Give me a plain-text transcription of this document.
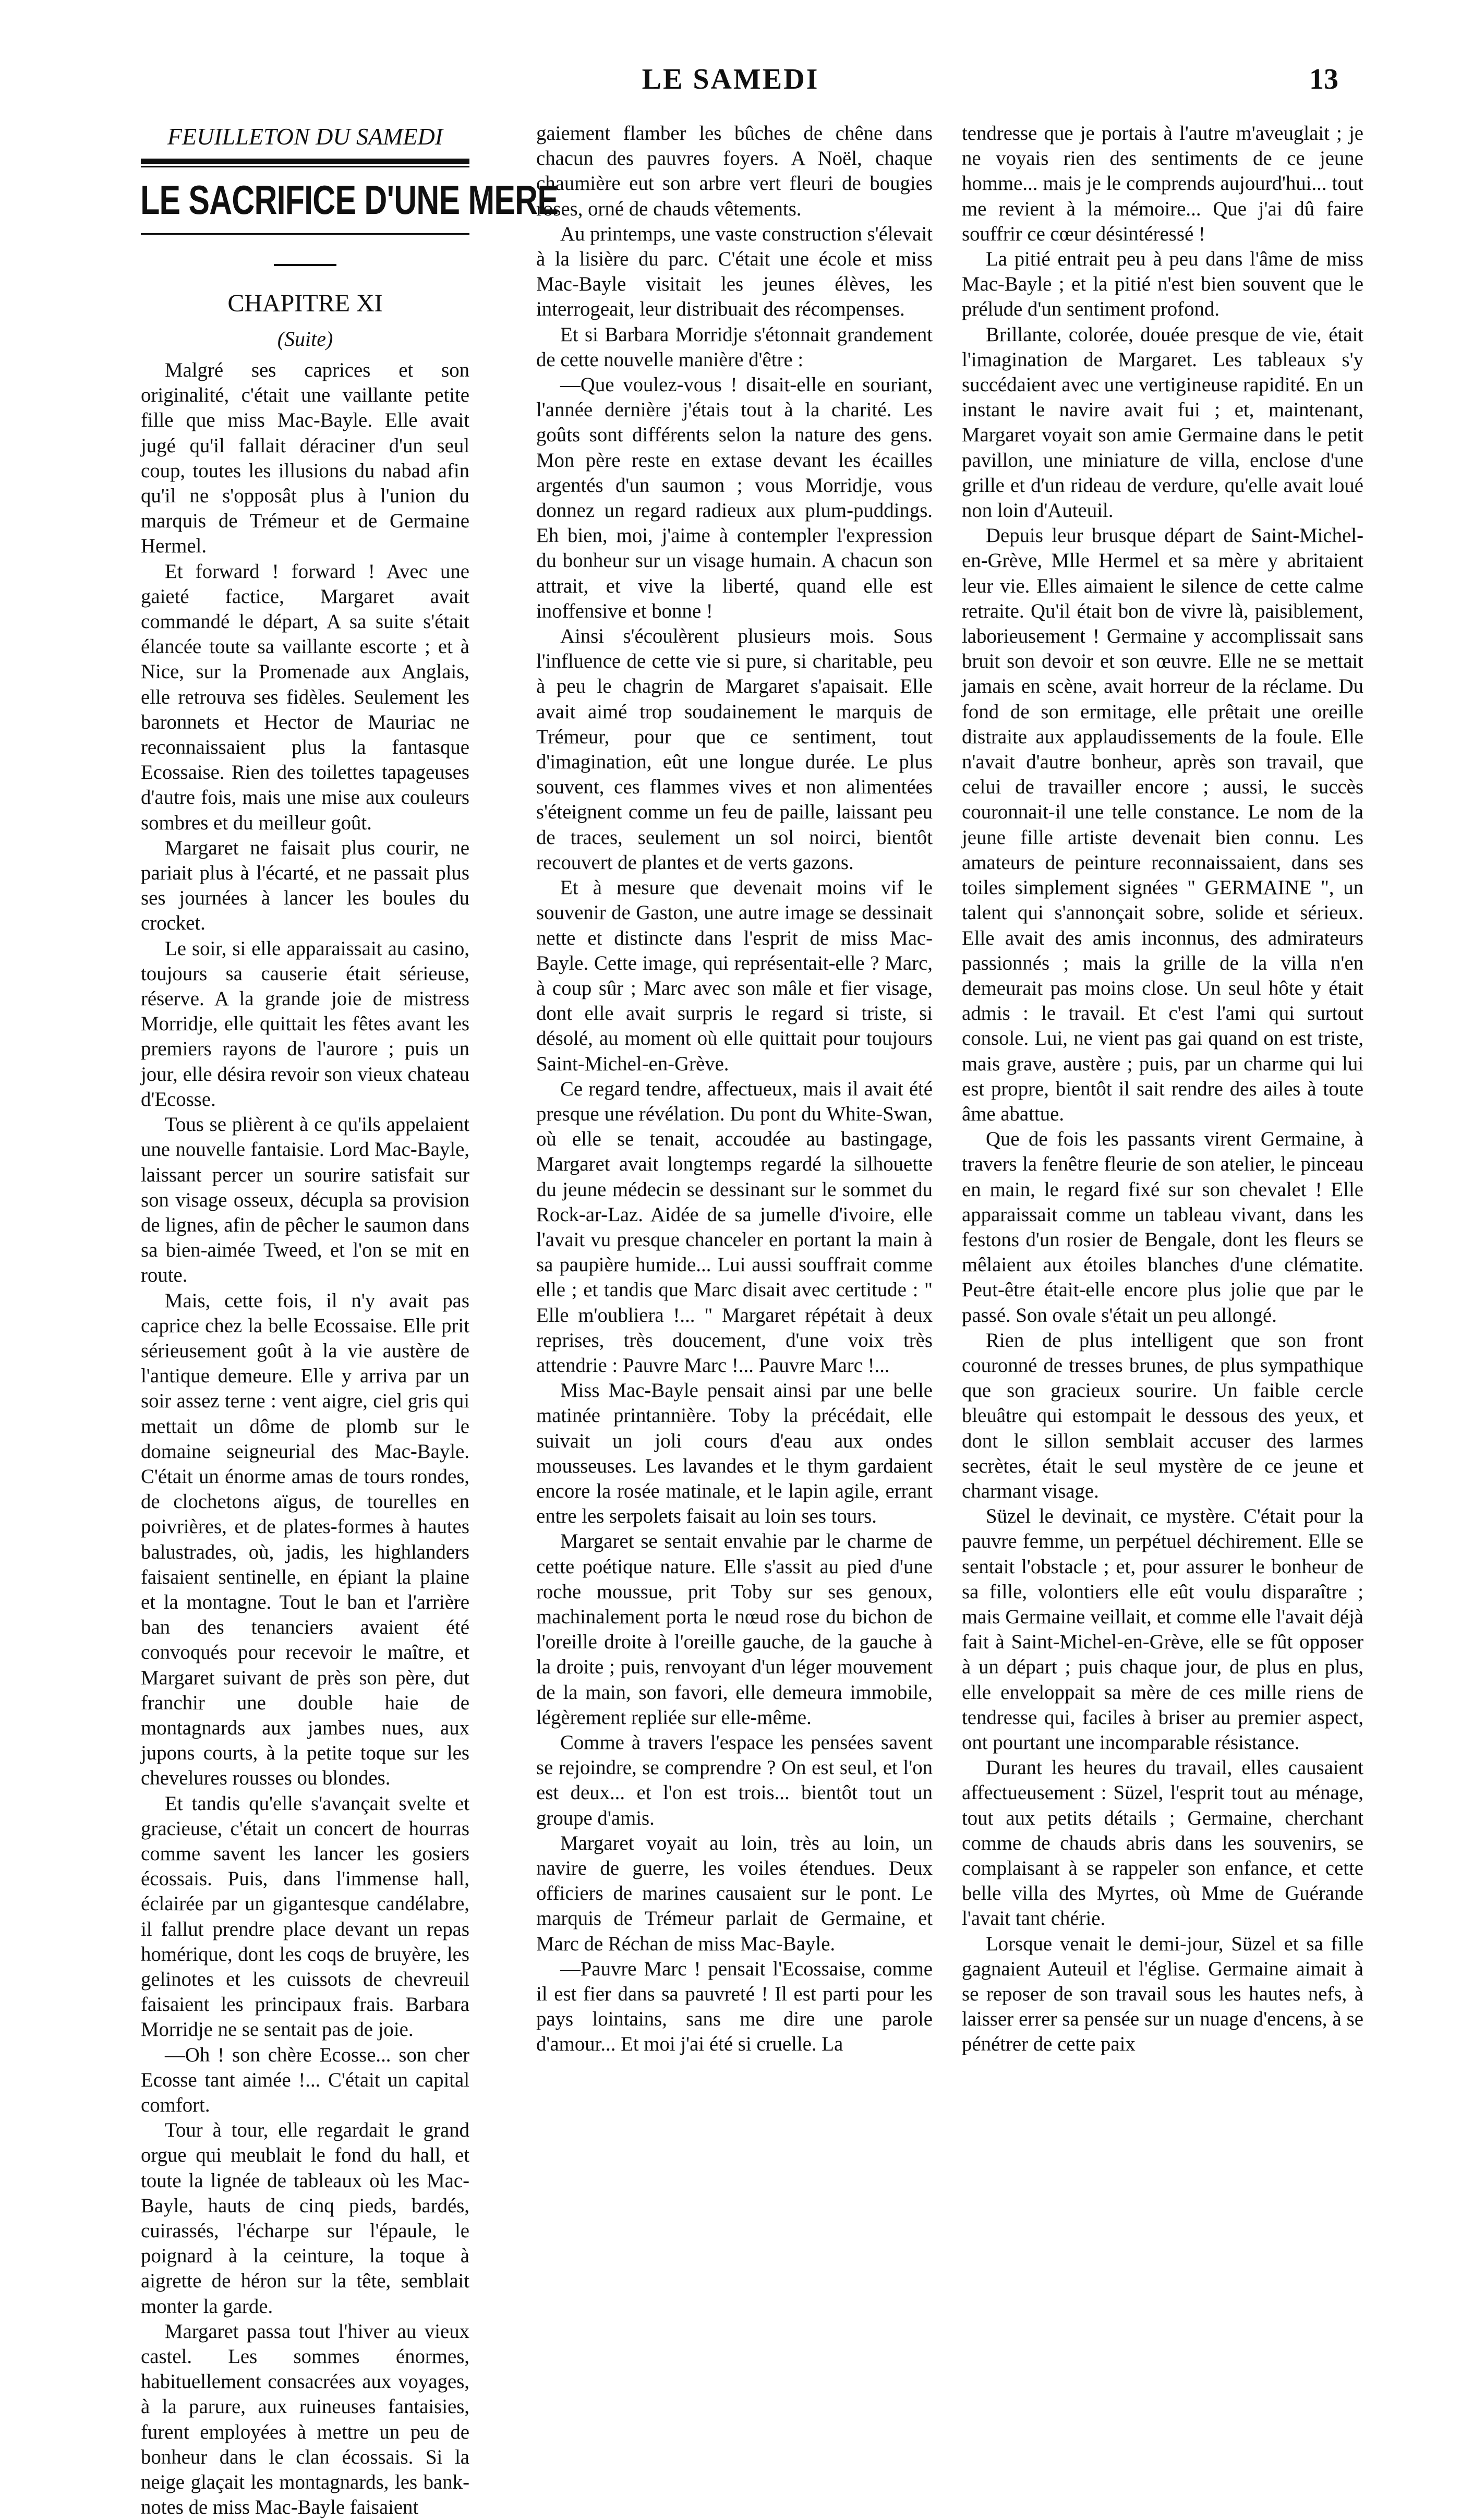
LE SAMEDI	13
FEUILLETON DU SAMEDI
LE SACRIFICE D'UNE MERE
CHAPITRE XI
(Suite)

Malgré ses caprices et son originalité, c'était une vaillante petite fille que miss Mac-Bayle. Elle avait jugé qu'il fallait déraciner d'un seul coup, toutes les illusions du nabad afin qu'il ne s'opposât plus à l'union du marquis de Trémeur et de Germaine Hermel.

Et forward ! forward ! Avec une gaieté factice, Margaret avait commandé le départ, A sa suite s'était élancée toute sa vaillante escorte ; et à Nice, sur la Promenade aux Anglais, elle retrouva ses fidèles. Seulement les baronnets et Hector de Mauriac ne reconnaissaient plus la fantasque Ecossaise. Rien des toilettes tapageuses d'autre fois, mais une mise aux couleurs sombres et du meilleur goût.

Margaret ne faisait plus courir, ne pariait plus à l'écarté, et ne passait plus ses journées à lancer les boules du crocket.

Le soir, si elle apparaissait au casino, toujours sa causerie était sérieuse, réserve. A la grande joie de mistress Morridje, elle quittait les fêtes avant les premiers rayons de l'aurore ; puis un jour, elle désira revoir son vieux chateau d'Ecosse.

Tous se plièrent à ce qu'ils appelaient une nouvelle fantaisie. Lord Mac-Bayle, laissant percer un sourire satisfait sur son visage osseux, décupla sa provision de lignes, afin de pêcher le saumon dans sa bien-aimée Tweed, et l'on se mit en route.

Mais, cette fois, il n'y avait pas caprice chez la belle Ecossaise. Elle prit sérieusement goût à la vie austère de l'antique demeure. Elle y arriva par un soir assez terne : vent aigre, ciel gris qui mettait un dôme de plomb sur le domaine seigneurial des Mac-Bayle. C'était un énorme amas de tours rondes, de clochetons aïgus, de tourelles en poivrières, et de plates-formes à hautes balustrades, où, jadis, les highlanders faisaient sentinelle, en épiant la plaine et la montagne. Tout le ban et l'arrière ban des tenanciers avaient été convoqués pour recevoir le maître, et Margaret suivant de près son père, dut franchir une double haie de montagnards aux jambes nues, aux jupons courts, à la petite toque sur les chevelures rousses ou blondes.

Et tandis qu'elle s'avançait svelte et gracieuse, c'était un concert de hourras comme savent les lancer les gosiers écossais. Puis, dans l'immense hall, éclairée par un gigantesque candélabre, il fallut prendre place devant un repas homérique, dont les coqs de bruyère, les gelinotes et les cuissots de chevreuil faisaient les principaux frais. Barbara Morridje ne se sentait pas de joie.

—Oh ! son chère Ecosse... son cher Ecosse tant aimée !... C'était un capital comfort.

Tour à tour, elle regardait le grand orgue qui meublait le fond du hall, et toute la lignée de tableaux où les Mac-Bayle, hauts de cinq pieds, bardés, cuirassés, l'écharpe sur l'épaule, le poignard à la ceinture, la toque à aigrette de héron sur la tête, semblait monter la garde.

Margaret passa tout l'hiver au vieux castel. Les sommes énormes, habituellement consacrées aux voyages, à la parure, aux ruineuses fantaisies, furent employées à mettre un peu de bonheur dans le clan écossais. Si la neige glaçait les montagnards, les bank-notes de miss Mac-Bayle faisaient

gaiement flamber les bûches de chêne dans chacun des pauvres foyers. A Noël, chaque chaumière eut son arbre vert fleuri de bougies roses, orné de chauds vêtements.

Au printemps, une vaste construction s'élevait à la lisière du parc. C'était une école et miss Mac-Bayle visitait les jeunes élèves, les interrogeait, leur distribuait des récompenses.

Et si Barbara Morridje s'étonnait grandement de cette nouvelle manière d'être :

—Que voulez-vous ! disait-elle en souriant, l'année dernière j'étais tout à la charité. Les goûts sont différents selon la nature des gens. Mon père reste en extase devant les écailles argentés d'un saumon ; vous Morridje, vous donnez un regard radieux aux plum-puddings. Eh bien, moi, j'aime à contempler l'expression du bonheur sur un visage humain. A chacun son attrait, et vive la liberté, quand elle est inoffensive et bonne !

Ainsi s'écoulèrent plusieurs mois. Sous l'influence de cette vie si pure, si charitable, peu à peu le chagrin de Margaret s'apaisait. Elle avait aimé trop soudainement le marquis de Trémeur, pour que ce sentiment, tout d'imagination, eût une longue durée. Le plus souvent, ces flammes vives et non alimentées s'éteignent comme un feu de paille, laissant peu de traces, seulement un sol noirci, bientôt recouvert de plantes et de verts gazons.

Et à mesure que devenait moins vif le souvenir de Gaston, une autre image se dessinait nette et distincte dans l'esprit de miss Mac-Bayle. Cette image, qui représentait-elle ? Marc, à coup sûr ; Marc avec son mâle et fier visage, dont elle avait surpris le regard si triste, si désolé, au moment où elle quittait pour toujours Saint-Michel-en-Grève.

Ce regard tendre, affectueux, mais il avait été presque une révélation. Du pont du White-Swan, où elle se tenait, accoudée au bastingage, Margaret avait longtemps regardé la silhouette du jeune médecin se dessinant sur le sommet du Rock-ar-Laz. Aidée de sa jumelle d'ivoire, elle l'avait vu presque chanceler en portant la main à sa paupière humide... Lui aussi souffrait comme elle ; et tandis que Marc disait avec certitude : " Elle m'oubliera !... " Margaret répétait à deux reprises, très doucement, d'une voix très attendrie : Pauvre Marc !... Pauvre Marc !...

Miss Mac-Bayle pensait ainsi par une belle matinée printannière. Toby la précédait, elle suivait un joli cours d'eau aux ondes mousseuses. Les lavandes et le thym gardaient encore la rosée matinale, et le lapin agile, errant entre les serpolets faisait au loin ses tours.

Margaret se sentait envahie par le charme de cette poétique nature. Elle s'assit au pied d'une roche moussue, prit Toby sur ses genoux, machinalement porta le nœud rose du bichon de l'oreille droite à l'oreille gauche, de la gauche à la droite ; puis, renvoyant d'un léger mouvement de la main, son favori, elle demeura immobile, légèrement repliée sur elle-même.

Comme à travers l'espace les pensées savent se rejoindre, se comprendre ? On est seul, et l'on est deux... et l'on est trois... bientôt tout un groupe d'amis.

Margaret voyait au loin, très au loin, un navire de guerre, les voiles étendues. Deux officiers de marines causaient sur le pont. Le marquis de Trémeur parlait de Germaine, et Marc de Réchan de miss Mac-Bayle.

—Pauvre Marc ! pensait l'Ecossaise, comme il est fier dans sa pauvreté ! Il est parti pour les pays lointains, sans me dire une parole d'amour... Et moi j'ai été si cruelle. La

tendresse que je portais à l'autre m'aveuglait ; je ne voyais rien des sentiments de ce jeune homme... mais je le comprends aujourd'hui... tout me revient à la mémoire... Que j'ai dû faire souffrir ce cœur désintéressé !

La pitié entrait peu à peu dans l'âme de miss Mac-Bayle ; et la pitié n'est bien souvent que le prélude d'un sentiment profond.

Brillante, colorée, douée presque de vie, était l'imagination de Margaret. Les tableaux s'y succédaient avec une vertigineuse rapidité. En un instant le navire avait fui ; et, maintenant, Margaret voyait son amie Germaine dans le petit pavillon, une miniature de villa, enclose d'une grille et d'un rideau de verdure, qu'elle avait loué non loin d'Auteuil.

Depuis leur brusque départ de Saint-Michel-en-Grève, Mlle Hermel et sa mère y abritaient leur vie. Elles aimaient le silence de cette calme retraite. Qu'il était bon de vivre là, paisiblement, laborieusement ! Germaine y accomplissait sans bruit son devoir et son œuvre. Elle ne se mettait jamais en scène, avait horreur de la réclame. Du fond de son ermitage, elle prêtait une oreille distraite aux applaudissements de la foule. Elle n'avait d'autre bonheur, après son travail, que celui de travailler encore ; aussi, le succès couronnait-il une telle constance. Le nom de la jeune fille artiste devenait bien connu. Les amateurs de peinture reconnaissaient, dans ses toiles simplement signées " GERMAINE ", un talent qui s'annonçait sobre, solide et sérieux. Elle avait des amis inconnus, des admirateurs passionnés ; mais la grille de la villa n'en demeurait pas moins close. Un seul hôte y était admis : le travail. Et c'est l'ami qui surtout console. Lui, ne vient pas gai quand on est triste, mais grave, austère ; puis, par un charme qui lui est propre, bientôt il sait rendre des ailes à toute âme abattue.

Que de fois les passants virent Germaine, à travers la fenêtre fleurie de son atelier, le pinceau en main, le regard fixé sur son chevalet ! Elle apparaissait comme un tableau vivant, dans les festons d'un rosier de Bengale, dont les fleurs se mêlaient aux étoiles blanches d'une clématite. Peut-être était-elle encore plus jolie que par le passé. Son ovale s'était un peu allongé.

Rien de plus intelligent que son front couronné de tresses brunes, de plus sympathique que son gracieux sourire. Un faible cercle bleuâtre qui estompait le dessous des yeux, et dont le sillon semblait accuser des larmes secrètes, était le seul mystère de ce jeune et charmant visage.

Süzel le devinait, ce mystère. C'était pour la pauvre femme, un perpétuel déchirement. Elle se sentait l'obstacle ; et, pour assurer le bonheur de sa fille, volontiers elle eût voulu disparaître ; mais Germaine veillait, et comme elle l'avait déjà fait à Saint-Michel-en-Grève, elle se fût opposer à un départ ; puis chaque jour, de plus en plus, elle enveloppait sa mère de ces mille riens de tendresse qui, faciles à briser au premier aspect, ont pourtant une incomparable résistance.

Durant les heures du travail, elles causaient affectueusement : Süzel, l'esprit tout au ménage, tout aux petits détails ; Germaine, cherchant comme de chauds abris dans les souvenirs, se complaisant à se rappeler son enfance, et cette belle villa des Myrtes, où Mme de Guérande l'avait tant chérie.

Lorsque venait le demi-jour, Süzel et sa fille gagnaient Auteuil et l'église. Germaine aimait à se reposer de son travail sous les hautes nefs, à laisser errer sa pensée sur un nuage d'encens, à se pénétrer de cette paix
